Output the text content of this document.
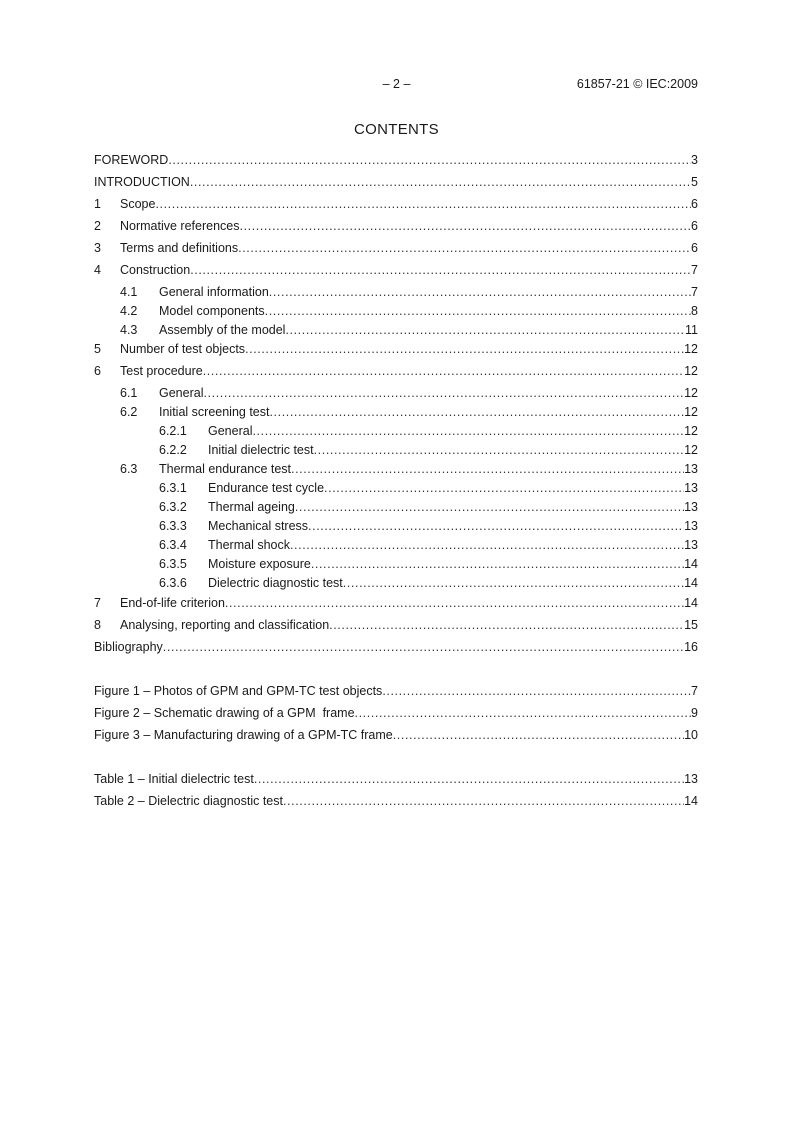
– 2 –	61857-21 © IEC:2009
CONTENTS
FOREWORD .....	3
INTRODUCTION .....	5
1	Scope .....	6
2	Normative references .....	6
3	Terms and definitions .....	6
4	Construction .....	7
4.1	General information .....	7
4.2	Model components .....	8
4.3	Assembly of the model .....	11
5	Number of test objects .....	12
6	Test procedure .....	12
6.1	General .....	12
6.2	Initial screening test .....	12
6.2.1	General .....	12
6.2.2	Initial dielectric test .....	12
6.3	Thermal endurance test .....	13
6.3.1	Endurance test cycle .....	13
6.3.2	Thermal ageing .....	13
6.3.3	Mechanical stress .....	13
6.3.4	Thermal shock .....	13
6.3.5	Moisture exposure .....	14
6.3.6	Dielectric diagnostic test .....	14
7	End-of-life criterion .....	14
8	Analysing, reporting and classification .....	15
Bibliography .....	16
Figure 1 – Photos of GPM and GPM-TC test objects .....	7
Figure 2 – Schematic drawing of a GPM  frame .....	9
Figure 3 – Manufacturing drawing of a GPM-TC frame .....	10
Table 1 – Initial dielectric test .....	13
Table 2 – Dielectric diagnostic test .....	14
